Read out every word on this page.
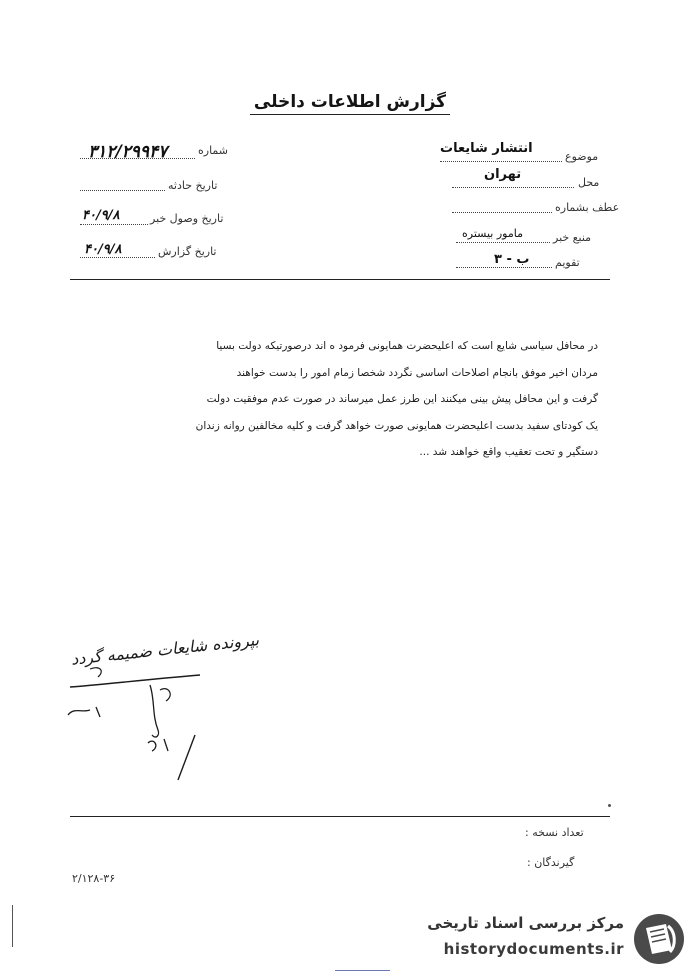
گزارش اطلاعات داخلی
شماره
۳۱۲/۲۹۹۴۷
تاریخ حادثه
تاریخ وصول خبر
۴۰/۹/۸
تاریخ گزارش
۴۰/۹/۸
موضوع
انتشار شایعات
محل
تهران
عطف بشماره
منبع خبر
مامور بیستره
تقویم
ب - ۳
در محافل سیاسی شایع است که اعلیحضرت همایونی فرمود ه اند درصورتیکه دولت بسیا
مردان اخیر موفق بانجام اصلاحات اساسی نگردد شخصا زمام امور را بدست خواهند
گرفت و این محافل پیش بینی میکنند این طرز عمل میرساند در صورت عدم موفقیت دولت
یک کودتای سفید بدست اعلیحضرت همایونی صورت خواهد گرفت و کلیه مخالفین روانه زندان
دستگیر و تحت تعقیب واقع خواهند شد ...
بپرونده شایعات ضمیمه گردد
تعداد نسخه :
گیرندگان :
۲/۱۲۸-۳۶
مرکز بررسی اسناد تاریخی
historydocuments.ir
